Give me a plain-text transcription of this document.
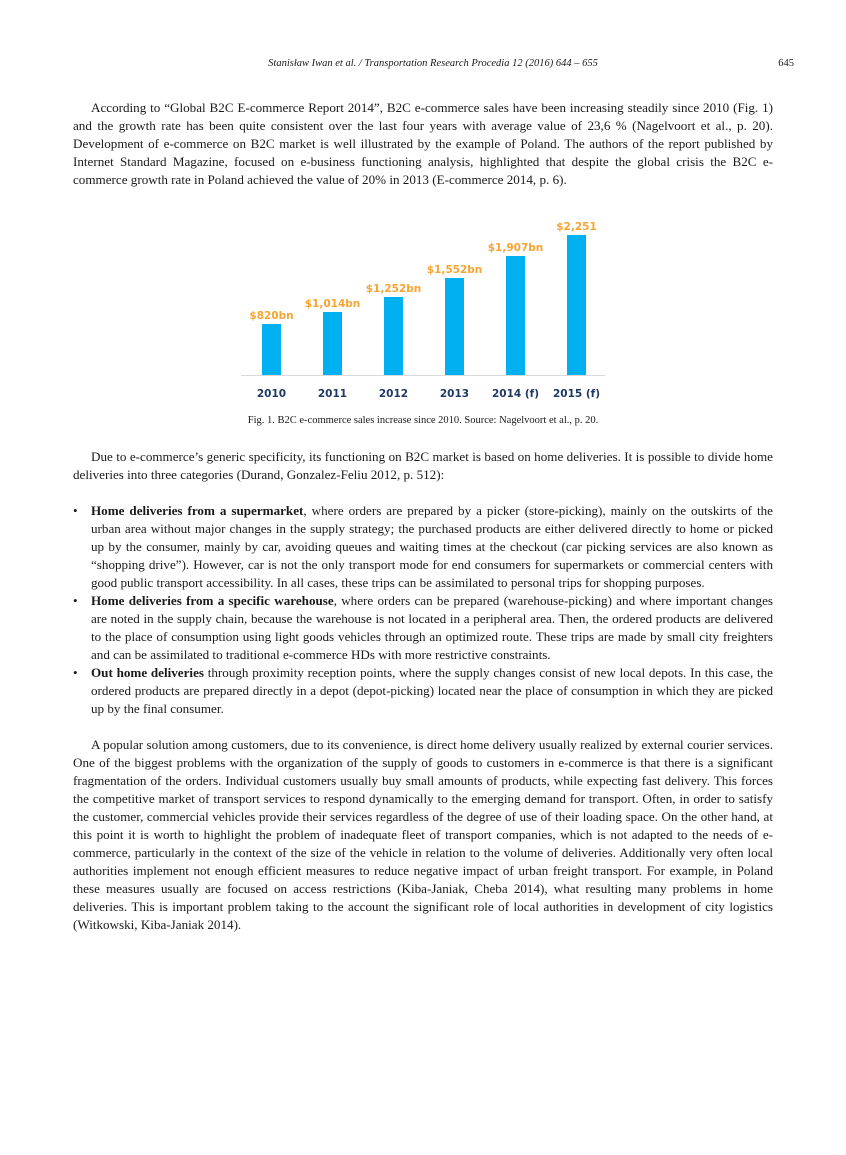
Stanisław Iwan et al. / Transportation Research Procedia 12 (2016) 644 – 655	645

According to “Global B2C E-commerce Report 2014”, B2C e-commerce sales have been increasing steadily since 2010 (Fig. 1) and the growth rate has been quite consistent over the last four years with average value of 23,6 % (Nagelvoort et al., p. 20). Development of e-commerce on B2C market is well illustrated by the example of Poland. The authors of the report published by Internet Standard Magazine, focused on e-business functioning analysis, highlighted that despite the global crisis the B2C e-commerce growth rate in Poland achieved the value of 20% in 2013 (E-commerce 2014, p. 6).

$820bn
2010
$1,014bn
2011
$1,252bn
2012
$1,552bn
2013
$1,907bn
2014 (f)
$2,251
2015 (f)

Fig. 1. B2C e-commerce sales increase since 2010. Source: Nagelvoort et al., p. 20.

Due to e-commerce’s generic specificity, its functioning on B2C market is based on home deliveries. It is possible to divide home deliveries into three categories (Durand, Gonzalez-Feliu 2012, p. 512):

• Home deliveries from a supermarket, where orders are prepared by a picker (store-picking), mainly on the outskirts of the urban area without major changes in the supply strategy; the purchased products are either delivered directly to home or picked up by the consumer, mainly by car, avoiding queues and waiting times at the checkout (car picking services are also known as “shopping drive”). However, car is not the only transport mode for end consumers for supermarkets or commercial centers with good public transport accessibility. In all cases, these trips can be assimilated to personal trips for shopping purposes.
• Home deliveries from a specific warehouse, where orders can be prepared (warehouse-picking) and where important changes are noted in the supply chain, because the warehouse is not located in a peripheral area. Then, the ordered products are delivered to the place of consumption using light goods vehicles through an optimized route. These trips are made by small city freighters and can be assimilated to traditional e-commerce HDs with more restrictive constraints.
• Out home deliveries through proximity reception points, where the supply changes consist of new local depots. In this case, the ordered products are prepared directly in a depot (depot-picking) located near the place of consumption in which they are picked up by the final consumer.

A popular solution among customers, due to its convenience, is direct home delivery usually realized by external courier services. One of the biggest problems with the organization of the supply of goods to customers in e-commerce is that there is a significant fragmentation of the orders. Individual customers usually buy small amounts of products, while expecting fast delivery. This forces the competitive market of transport services to respond dynamically to the emerging demand for transport. Often, in order to satisfy the customer, commercial vehicles provide their services regardless of the degree of use of their loading space. On the other hand, at this point it is worth to highlight the problem of inadequate fleet of transport companies, which is not adapted to the needs of e-commerce, particularly in the context of the size of the vehicle in relation to the volume of deliveries. Additionally very often local authorities implement not enough efficient measures to reduce negative impact of urban freight transport. For example, in Poland these measures usually are focused on access restrictions (Kiba-Janiak, Cheba 2014), what resulting many problems in home deliveries. This is important problem taking to the account the significant role of local authorities in development of city logistics (Witkowski, Kiba-Janiak 2014).
